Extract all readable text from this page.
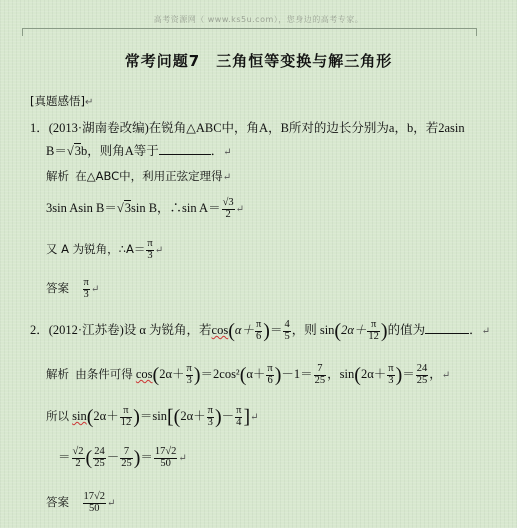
高考资源网（ www.ks5u.com），您身边的高考专家。
常考问题7　三角恒等变换与解三角形
[真题感悟]↵
1．(2013·湖南卷改编)在锐角△ABC中，角A，B所对的边长分别为a，b，若2asin
B＝√3b，则角A等于	．↵
解析 在△ABC中，利用正弦定理得↵
3sin Asin B＝√3sin B，∴sin $A= \frac{√3}{2}$ ↵
又 A 为锐角，∴A＝ $\frac{\pi}{3}$ ↵
答案 $\frac{\pi}{3}$ ↵
2．(2012·江苏卷)设 α 为锐角，若$\cos(\alpha+ \frac{\pi}{6}$ )＝ $\frac{4}{5}$ ，则 $\sin(2\alpha+ \frac{\pi}{12}$ )的值为	．↵
解析 由条件可得 $\cos(2\alpha+ \frac{\pi}{3} )=2\cos^2(\alpha+ \frac{\pi}{6} )-1= \frac{7}{25}$ ，$\sin(2\alpha+ \frac{\pi}{3}$ )＝ $\frac{24}{25}$ ，↵
所以 $\sin(2\alpha+ \frac{\pi}{12} )=\sin[(2\alpha+ \frac{\pi}{3}$ )－ $\frac{\pi}{4}$ ]↵
＝ $\frac{√2}{2}$ ( $\frac{24}{25} - \frac{7}{25}$ )＝ $\frac{17√2}{50}$ ↵
答案 $\frac{17√2}{50}$ ↵
